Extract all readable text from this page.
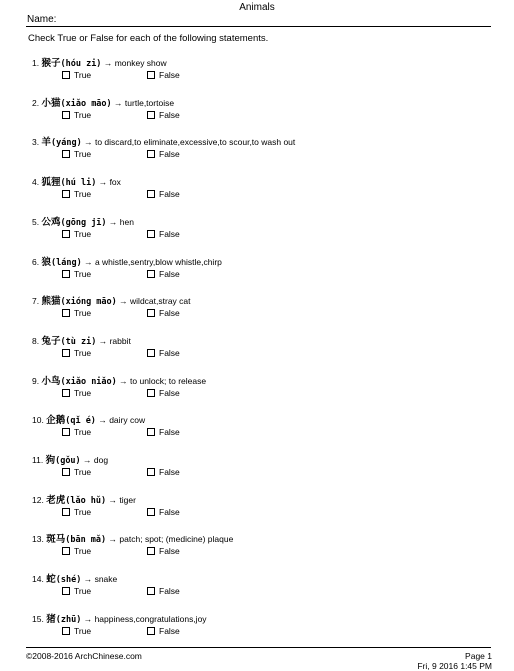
Animals
Name:
Check True or False for each of the following statements.
1. 猴子(hóu zi) → monkey show
True	False
2. 小猫(xiǎo māo) → turtle,tortoise
True	False
3. 羊(yáng) → to discard,to eliminate,excessive,to scour,to wash out
True	False
4. 狐狸(hú li) → fox
True	False
5. 公鸡(gōng jī) → hen
True	False
6. 狼(láng) → a whistle,sentry,blow whistle,chirp
True	False
7. 熊猫(xióng māo) → wildcat,stray cat
True	False
8. 兔子(tù zi) → rabbit
True	False
9. 小鸟(xiǎo niǎo) → to unlock; to release
True	False
10. 企鹅(qǐ é) → dairy cow
True	False
11. 狗(gǒu) → dog
True	False
12. 老虎(lǎo hǔ) → tiger
True	False
13. 斑马(bān mǎ) → patch; spot; (medicine) plaque
True	False
14. 蛇(shé) → snake
True	False
15. 猪(zhū) → happiness,congratulations,joy
True	False
©2008-2016 ArchChinese.com	Page 1
Fri, 9 2016 1:45 PM
